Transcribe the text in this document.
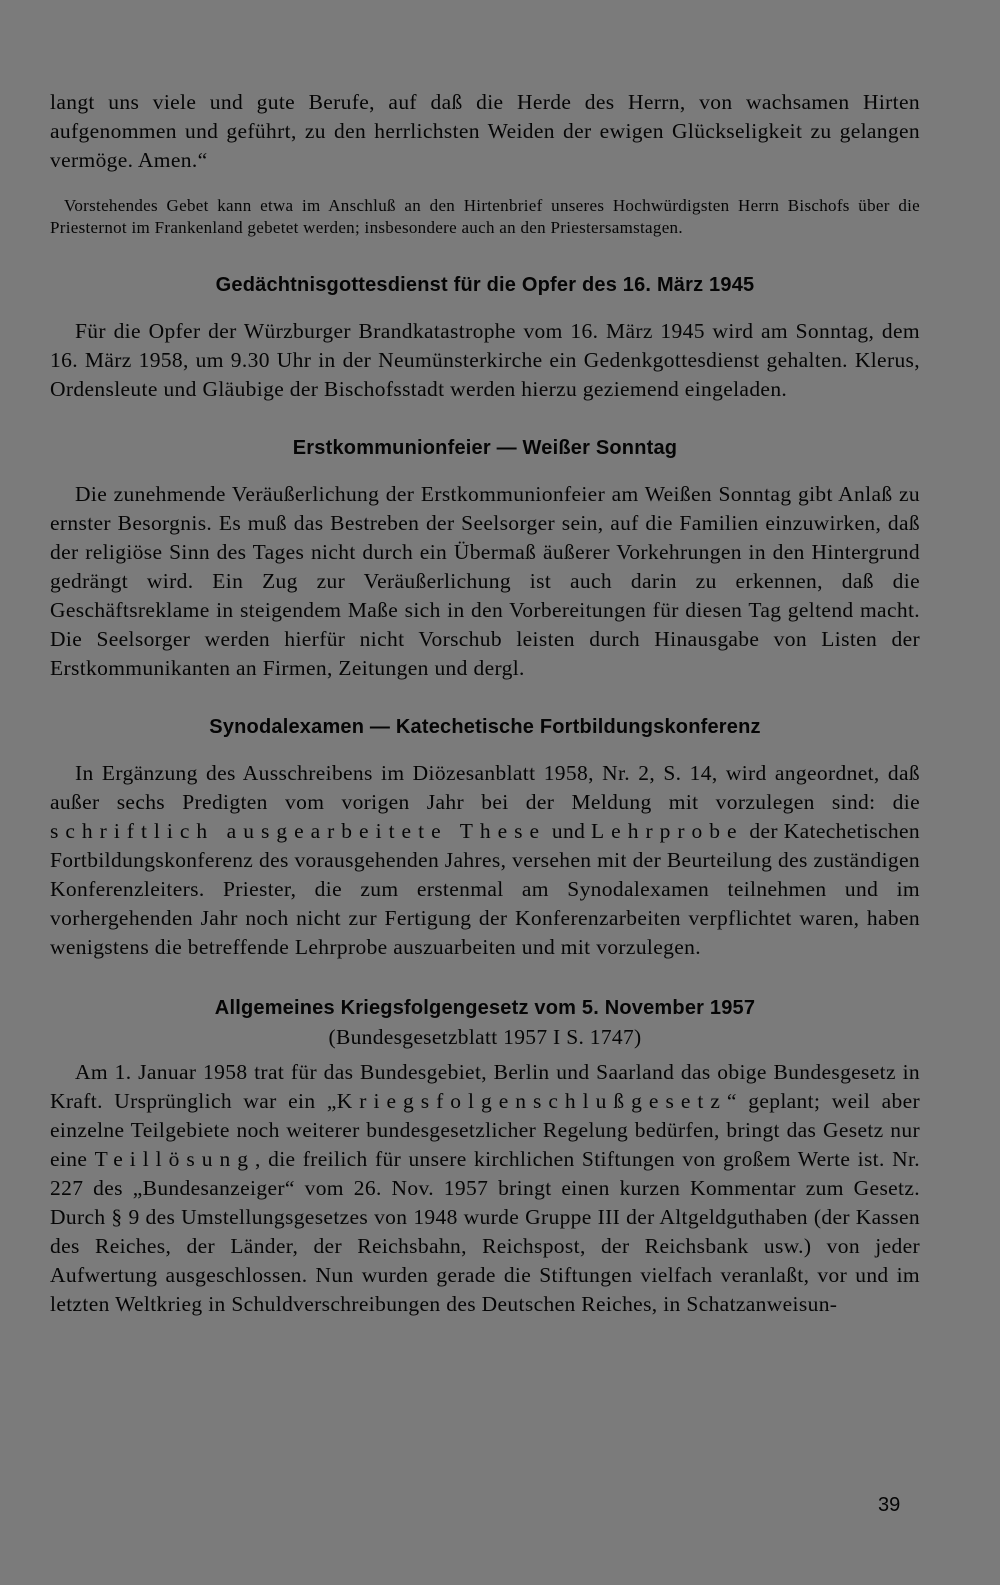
langt uns viele und gute Berufe, auf daß die Herde des Herrn, von wachsamen Hirten aufgenommen und geführt, zu den herrlichsten Weiden der ewigen Glückseligkeit zu gelangen vermöge. Amen.“

Vorstehendes Gebet kann etwa im Anschluß an den Hirtenbrief unseres Hochwürdigsten Herrn Bischofs über die Priesternot im Frankenland gebetet werden; insbesondere auch an den Priestersamstagen.

Gedächtnisgottesdienst für die Opfer des 16. März 1945

Für die Opfer der Würzburger Brandkatastrophe vom 16. März 1945 wird am Sonntag, dem 16. März 1958, um 9.30 Uhr in der Neumünsterkirche ein Gedenkgottesdienst gehalten. Klerus, Ordensleute und Gläubige der Bischofsstadt werden hierzu geziemend eingeladen.

Erstkommunionfeier — Weißer Sonntag

Die zunehmende Veräußerlichung der Erstkommunionfeier am Weißen Sonntag gibt Anlaß zu ernster Besorgnis. Es muß das Bestreben der Seelsorger sein, auf die Familien einzuwirken, daß der religiöse Sinn des Tages nicht durch ein Übermaß äußerer Vorkehrungen in den Hintergrund gedrängt wird. Ein Zug zur Veräußerlichung ist auch darin zu erkennen, daß die Geschäftsreklame in steigendem Maße sich in den Vorbereitungen für diesen Tag geltend macht. Die Seelsorger werden hierfür nicht Vorschub leisten durch Hinausgabe von Listen der Erstkommunikanten an Firmen, Zeitungen und dergl.

Synodalexamen — Katechetische Fortbildungskonferenz

In Ergänzung des Ausschreibens im Diözesanblatt 1958, Nr. 2, S. 14, wird angeordnet, daß außer sechs Predigten vom vorigen Jahr bei der Meldung mit vorzulegen sind: die schriftlich ausgearbeitete These und Lehrprobe der Katechetischen Fortbildungskonferenz des vorausgehenden Jahres, versehen mit der Beurteilung des zuständigen Konferenzleiters. Priester, die zum erstenmal am Synodalexamen teilnehmen und im vorhergehenden Jahr noch nicht zur Fertigung der Konferenzarbeiten verpflichtet waren, haben wenigstens die betreffende Lehrprobe auszuarbeiten und mit vorzulegen.

Allgemeines Kriegsfolgengesetz vom 5. November 1957

(Bundesgesetzblatt 1957 I S. 1747)

Am 1. Januar 1958 trat für das Bundesgebiet, Berlin und Saarland das obige Bundesgesetz in Kraft. Ursprünglich war ein „Kriegsfolgenschlußgesetz“ geplant; weil aber einzelne Teilgebiete noch weiterer bundesgesetzlicher Regelung bedürfen, bringt das Gesetz nur eine Teillösung, die freilich für unsere kirchlichen Stiftungen von großem Werte ist. Nr. 227 des „Bundesanzeiger“ vom 26. Nov. 1957 bringt einen kurzen Kommentar zum Gesetz. Durch § 9 des Umstellungsgesetzes von 1948 wurde Gruppe III der Altgeldguthaben (der Kassen des Reiches, der Länder, der Reichsbahn, Reichspost, der Reichsbank usw.) von jeder Aufwertung ausgeschlossen. Nun wurden gerade die Stiftungen vielfach veranlaßt, vor und im letzten Weltkrieg in Schuldverschreibungen des Deutschen Reiches, in Schatzanweisun-

39
